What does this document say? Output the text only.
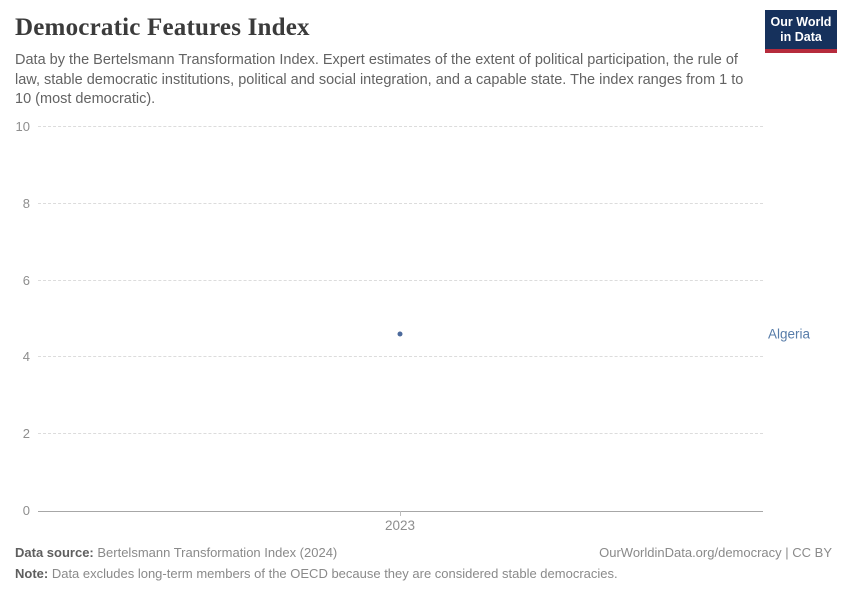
Democratic Features Index

Data by the Bertelsmann Transformation Index. Expert estimates of the extent of political participation, the rule of law, stable democratic institutions, political and social integration, and a capable state. The index ranges from 1 to 10 (most democratic).

Our World
in Data
0
2
4
6
8
10
2023
Algeria
Data source: Bertelsmann Transformation Index (2024)	OurWorldinData.org/democracy | CC BY
Note: Data excludes long-term members of the OECD because they are considered stable democracies.
